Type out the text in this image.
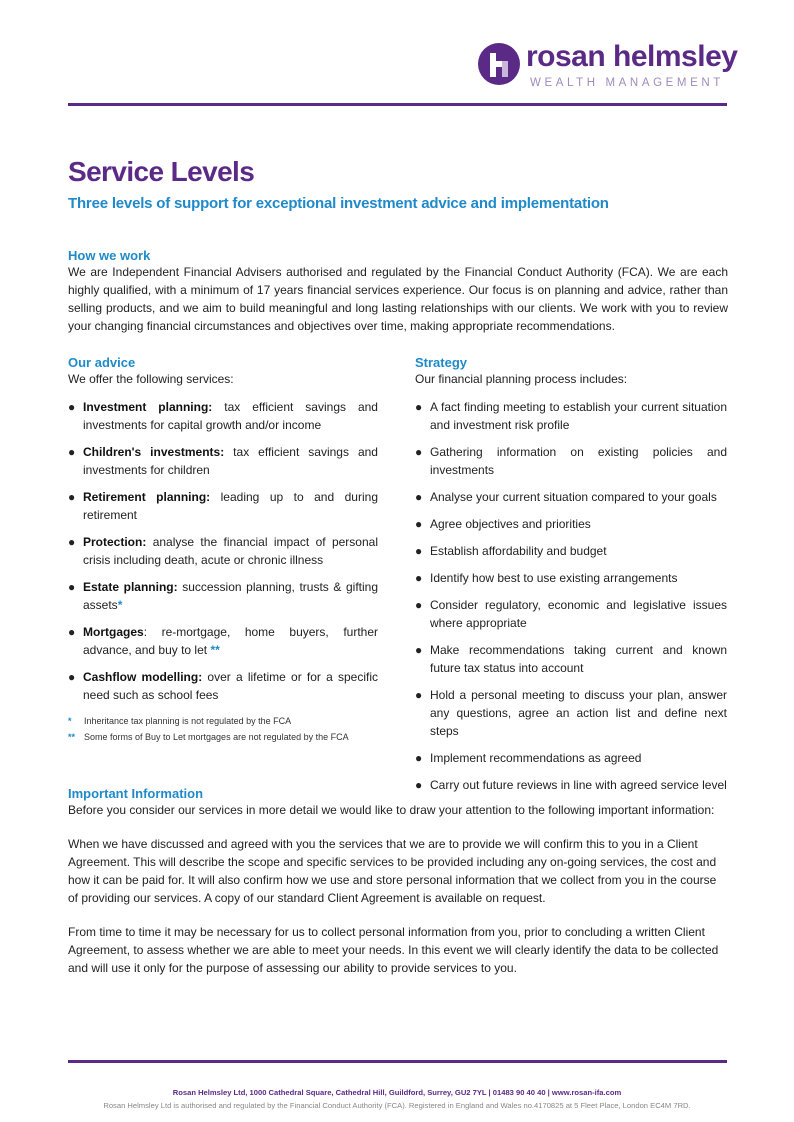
rosan helmsley
WEALTH MANAGEMENT
Service Levels
Three levels of support for exceptional investment advice and implementation
How we work
We are Independent Financial Advisers authorised and regulated by the Financial Conduct Authority (FCA). We are each highly qualified, with a minimum of 17 years financial services experience. Our focus is on planning and advice, rather than selling products, and we aim to build meaningful and long lasting relationships with our clients. We work with you to review your changing financial circumstances and objectives over time, making appropriate recommendations.
Our advice
We offer the following services:
● Investment planning: tax efficient savings and investments for capital growth and/or income
● Children's investments: tax efficient savings and investments for children
● Retirement planning: leading up to and during retirement
● Protection: analyse the financial impact of personal crisis including death, acute or chronic illness
● Estate planning: succession planning, trusts & gifting assets*
● Mortgages: re-mortgage, home buyers, further advance, and buy to let **
● Cashflow modelling: over a lifetime or for a specific need such as school fees
* Inheritance tax planning is not regulated by the FCA
** Some forms of Buy to Let mortgages are not regulated by the FCA
Strategy
Our financial planning process includes:
● A fact finding meeting to establish your current situation and investment risk profile
● Gathering information on existing policies and investments
● Analyse your current situation compared to your goals
● Agree objectives and priorities
● Establish affordability and budget
● Identify how best to use existing arrangements
● Consider regulatory, economic and legislative issues where appropriate
● Make recommendations taking current and known future tax status into account
● Hold a personal meeting to discuss your plan, answer any questions, agree an action list and define next steps
● Implement recommendations as agreed
● Carry out future reviews in line with agreed service level
Important Information

Before you consider our services in more detail we would like to draw your attention to the following important information:

When we have discussed and agreed with you the services that we are to provide we will confirm this to you in a Client Agreement. This will describe the scope and specific services to be provided including any on-going services, the cost and how it can be paid for. It will also confirm how we use and store personal information that we collect from you in the course of providing our services. A copy of our standard Client Agreement is available on request.

From time to time it may be necessary for us to collect personal information from you, prior to concluding a written Client Agreement, to assess whether we are able to meet your needs. In this event we will clearly identify the data to be collected and will use it only for the purpose of assessing our ability to provide services to you.

Rosan Helmsley Ltd, 1000 Cathedral Square, Cathedral Hill, Guildford, Surrey, GU2 7YL | 01483 90 40 40 | www.rosan-ifa.com
Rosan Helmsley Ltd is authorised and regulated by the Financial Conduct Authority (FCA). Registered in England and Wales no.4170825 at 5 Fleet Place, London EC4M 7RD.
